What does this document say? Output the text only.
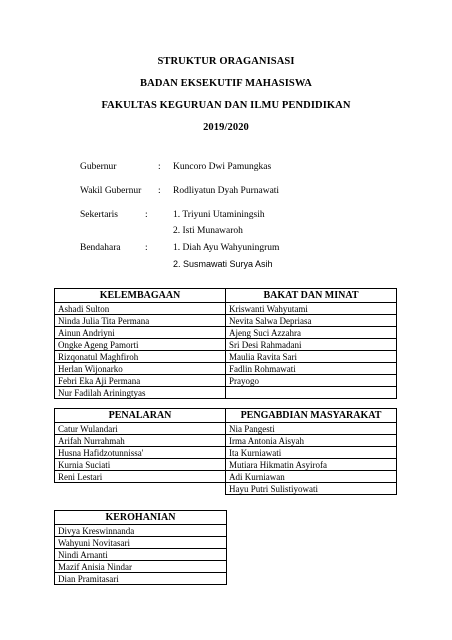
STRUKTUR ORAGANISASI
BADAN EKSEKUTIF MAHASISWA
FAKULTAS KEGURUAN DAN ILMU PENDIDIKAN
2019/2020
Gubernur	: Kuncoro Dwi Pamungkas
Wakil Gubernur : Rodliyatun Dyah Purnawati
Sekertaris	:	1. Triyuni Utaminingsih
2. Isti Munawaroh
Bendahara	:	1. Diah Ayu Wahyuningrum
2. Susmawati Surya Asih
KELEMBAGAAN	BAKAT DAN MINAT
Ashadi Sulton	Kriswanti Wahyutami
Ninda Julia Tita Permana	Nevita Salwa Depriasa
Ainun Andriyni	Ajeng Suci Azzahra
Ongke Ageng Pamorti	Sri Desi Rahmadani
Rizqonatul Maghfiroh	Maulia Ravita Sari
Herlan Wijonarko	Fadlin Rohmawati
Febri Eka Aji Permana	Prayogo
Nur Fadilah Ariningtyas	
PENALARAN	PENGABDIAN MASYARAKAT
Catur Wulandari	Nia Pangesti
Arifah Nurrahmah	Irma Antonia Aisyah
Husna Hafidzotunnissa'	Ita Kurniawati
Kurnia Suciati	Mutiara Hikmatin Asyirofa
Reni Lestari	Adi Kurniawan
	Hayu Putri Sulistiyowati
KEROHANIAN
Divya Kreswinnanda
Wahyuni Novitasari
Nindi Arnanti
Mazif Anisia Nindar
Dian Pramitasari
